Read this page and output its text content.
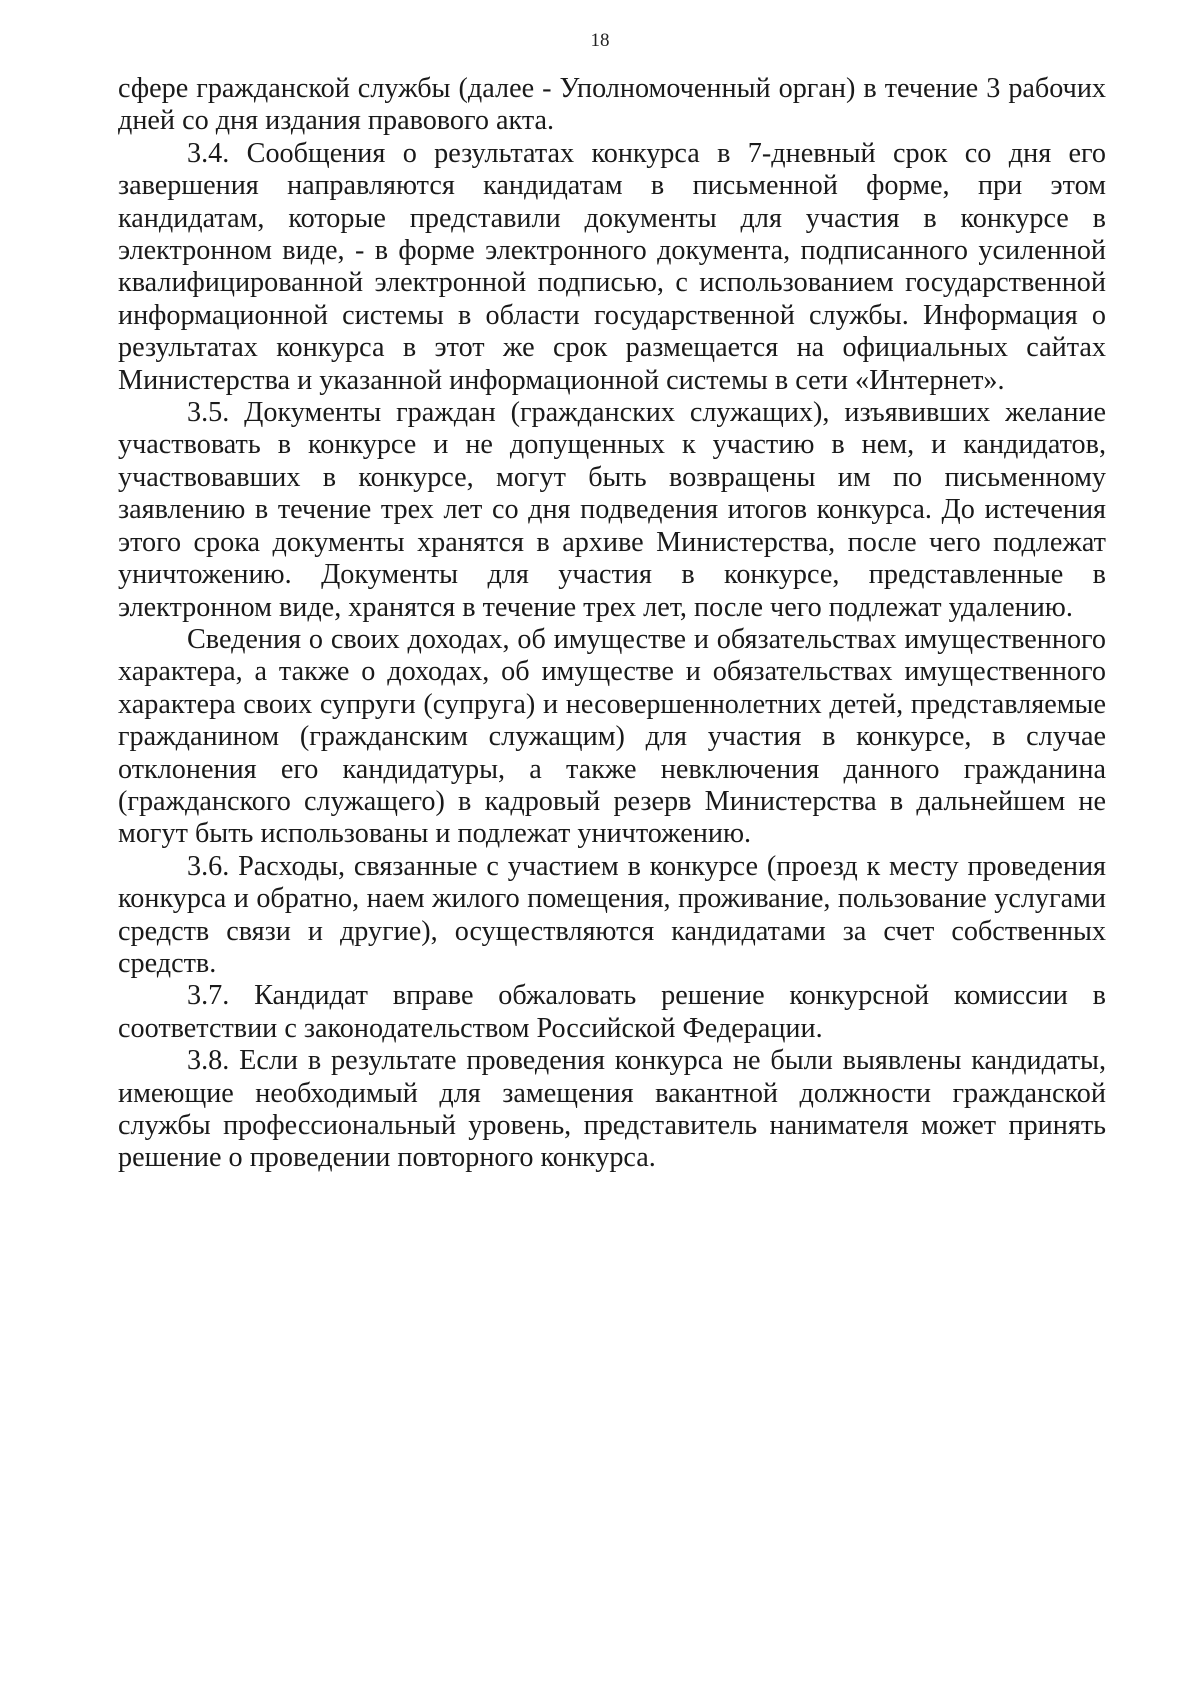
18

сфере гражданской службы (далее - Уполномоченный орган) в течение 3 рабочих дней со дня издания правового акта.

3.4. Сообщения о результатах конкурса в 7-дневный срок со дня его завершения направляются кандидатам в письменной форме, при этом кандидатам, которые представили документы для участия в конкурсе в электронном виде, - в форме электронного документа, подписанного усиленной квалифицированной электронной подписью, с использованием государственной информационной системы в области государственной службы. Информация о результатах конкурса в этот же срок размещается на официальных сайтах Министерства и указанной информационной системы в сети «Интернет».

3.5. Документы граждан (гражданских служащих), изъявивших желание участвовать в конкурсе и не допущенных к участию в нем, и кандидатов, участвовавших в конкурсе, могут быть возвращены им по письменному заявлению в течение трех лет со дня подведения итогов конкурса. До истечения этого срока документы хранятся в архиве Министерства, после чего подлежат уничтожению. Документы для участия в конкурсе, представленные в электронном виде, хранятся в течение трех лет, после чего подлежат удалению.

Сведения о своих доходах, об имуществе и обязательствах имущественного характера, а также о доходах, об имуществе и обязательствах имущественного характера своих супруги (супруга) и несовершеннолетних детей, представляемые гражданином (гражданским служащим) для участия в конкурсе, в случае отклонения его кандидатуры, а также невключения данного гражданина (гражданского служащего) в кадровый резерв Министерства в дальнейшем не могут быть использованы и подлежат уничтожению.

3.6. Расходы, связанные с участием в конкурсе (проезд к месту проведения конкурса и обратно, наем жилого помещения, проживание, пользование услугами средств связи и другие), осуществляются кандидатами за счет собственных средств.

3.7. Кандидат вправе обжаловать решение конкурсной комиссии в соответствии с законодательством Российской Федерации.

3.8. Если в результате проведения конкурса не были выявлены кандидаты, имеющие необходимый для замещения вакантной должности гражданской службы профессиональный уровень, представитель нанимателя может принять решение о проведении повторного конкурса.
